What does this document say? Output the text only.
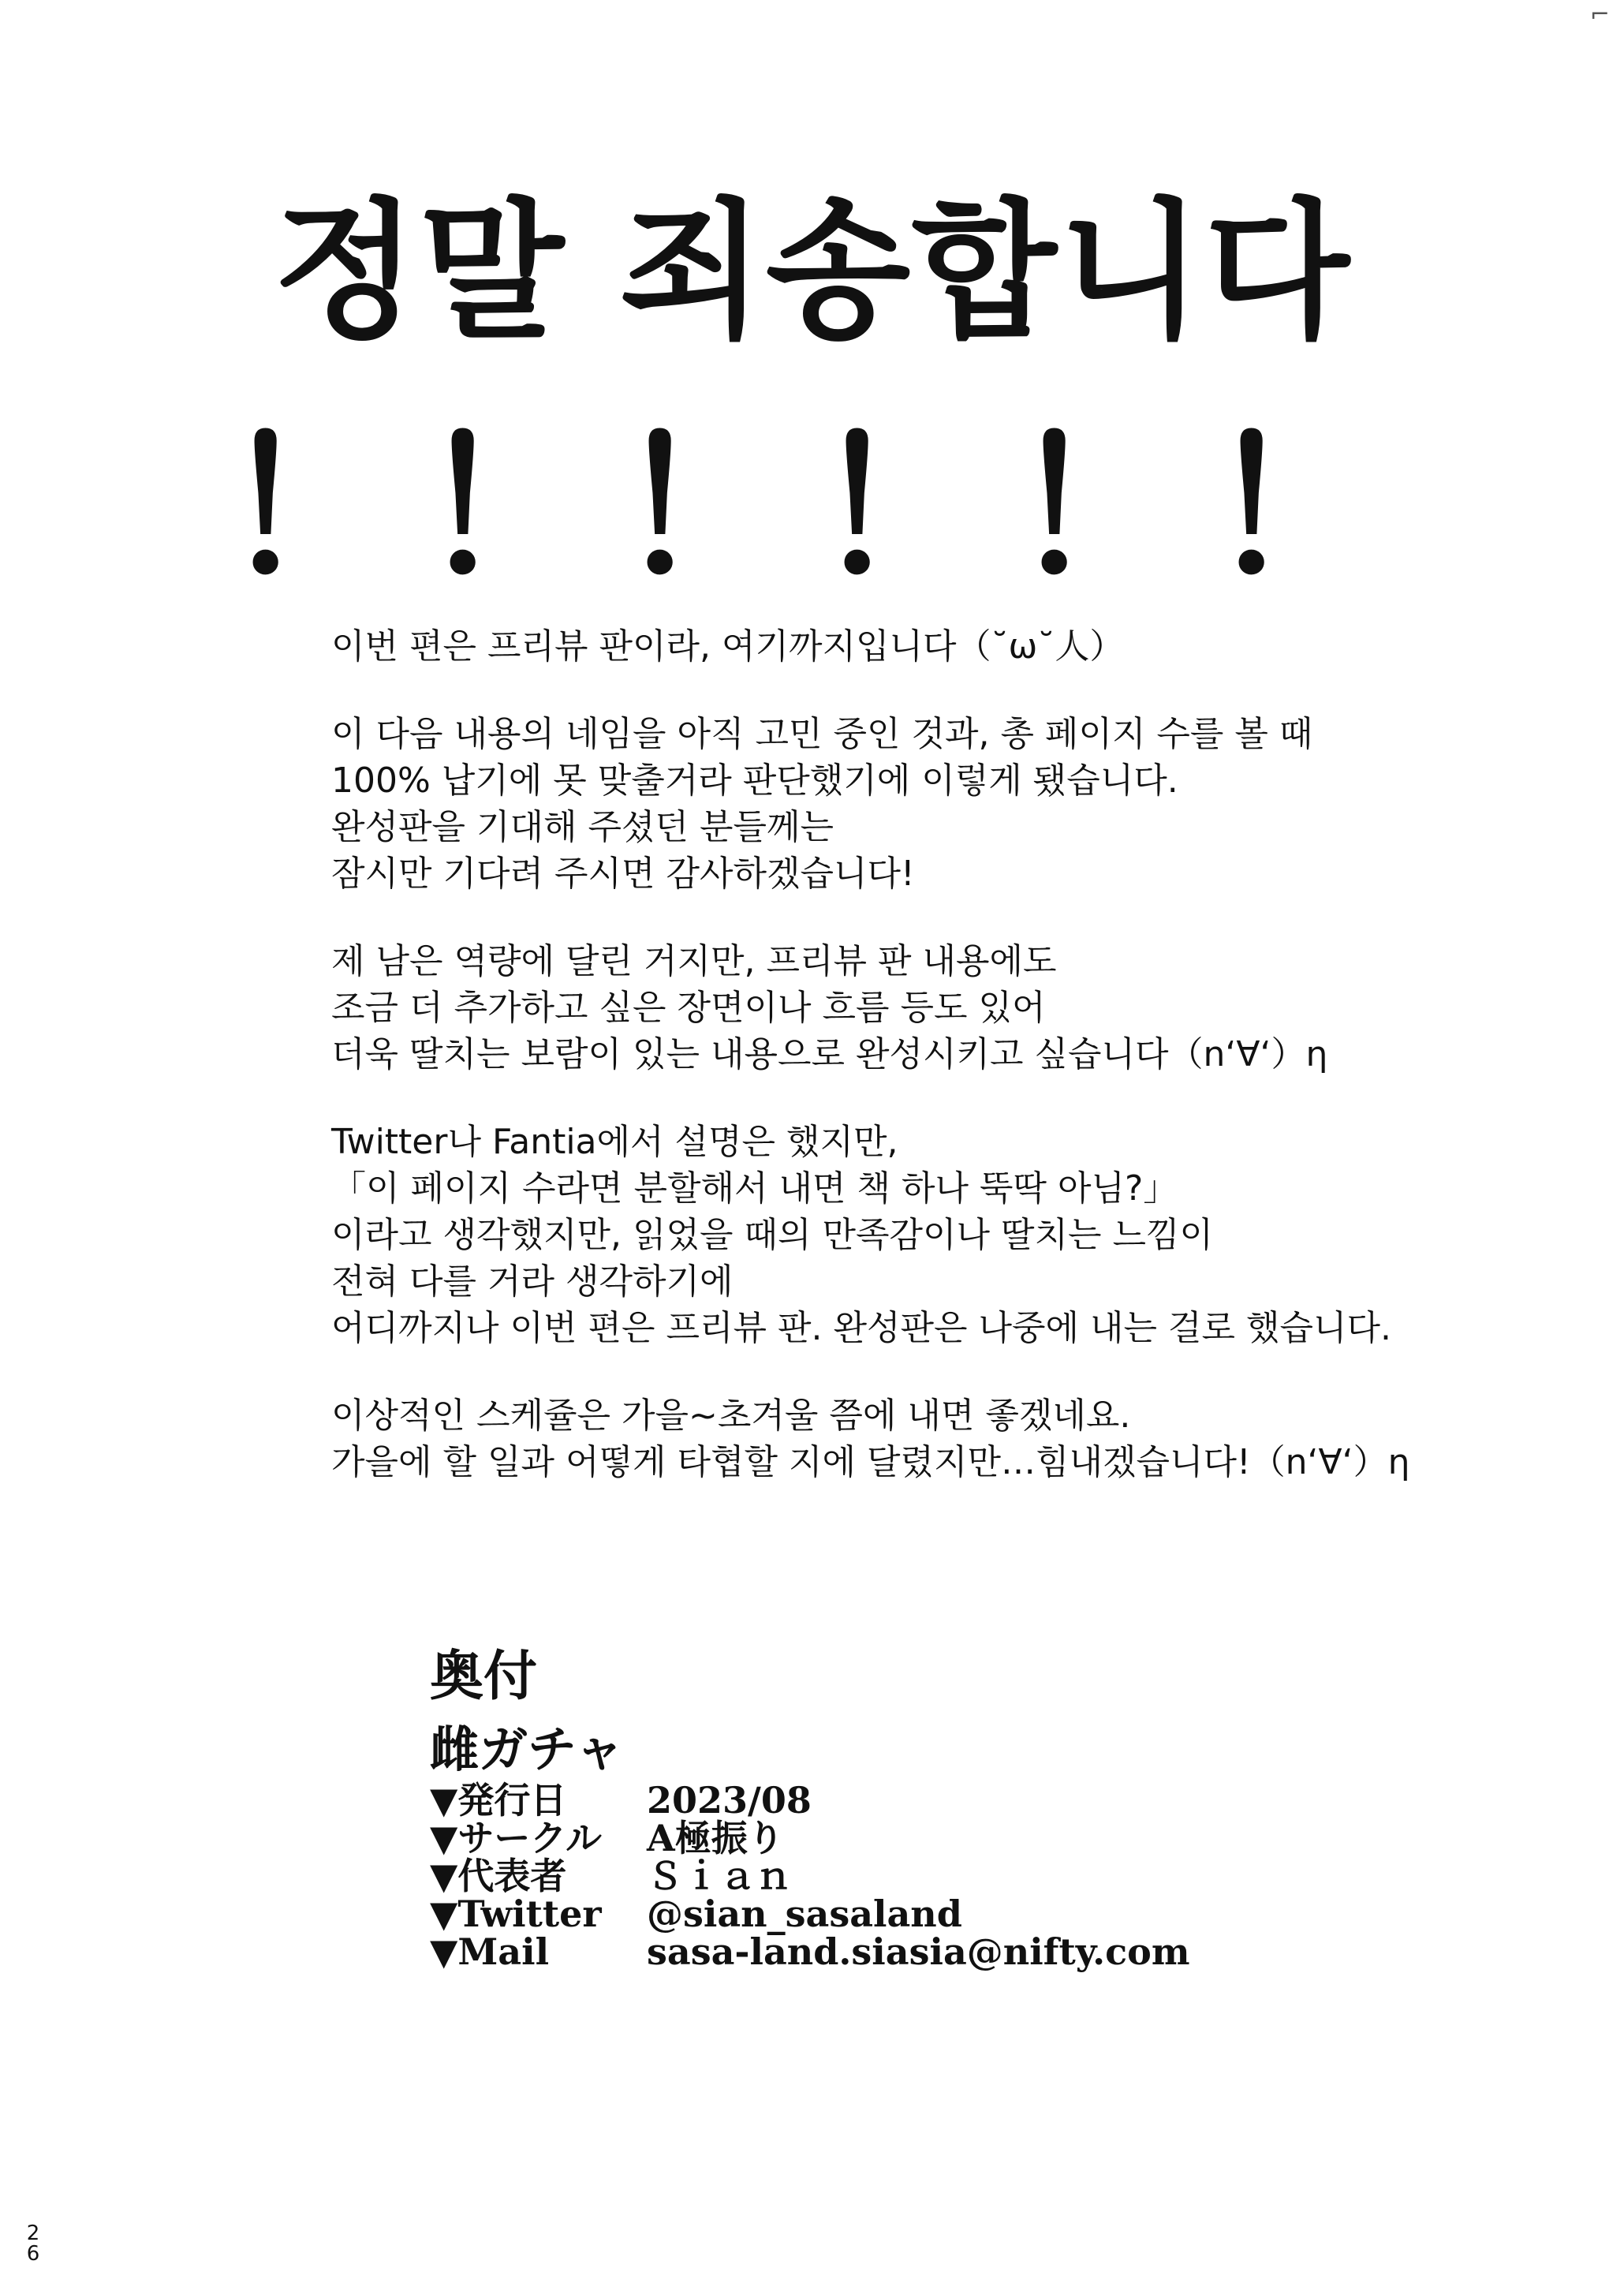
⌐
정말 죄송합니다
！！！！！！
이번 편은 프리뷰 판이라, 여기까지입니다（˘ω˘人）
이 다음 내용의 네임을 아직 고민 중인 것과, 총 페이지 수를 볼 때
100% 납기에 못 맞출거라 판단했기에 이렇게 됐습니다.
완성판을 기대해 주셨던 분들께는
잠시만 기다려 주시면 감사하겠습니다!
제 남은 역량에 달린 거지만, 프리뷰 판 내용에도
조금 더 추가하고 싶은 장면이나 흐름 등도 있어
더욱 딸치는 보람이 있는 내용으로 완성시키고 싶습니다（n‘∀‘）η
Twitter나 Fantia에서 설명은 했지만,
「이 페이지 수라면 분할해서 내면 책 하나 뚝딱 아님?」
이라고 생각했지만, 읽었을 때의 만족감이나 딸치는 느낌이
전혀 다를 거라 생각하기에
어디까지나 이번 편은 프리뷰 판. 완성판은 나중에 내는 걸로 했습니다.
이상적인 스케쥴은 가을~초겨울 쯤에 내면 좋겠네요.
가을에 할 일과 어떻게 타협할 지에 달렸지만…힘내겠습니다!（n‘∀‘）η
奥付
雌ガチャ
▼発行日	2023/08
▼サークル	A極振り
▼代表者	Ｓｉａｎ
▼Twitter	@sian_sasaland
▼Mail	sasa-land.siasia@nifty.com
2
6
